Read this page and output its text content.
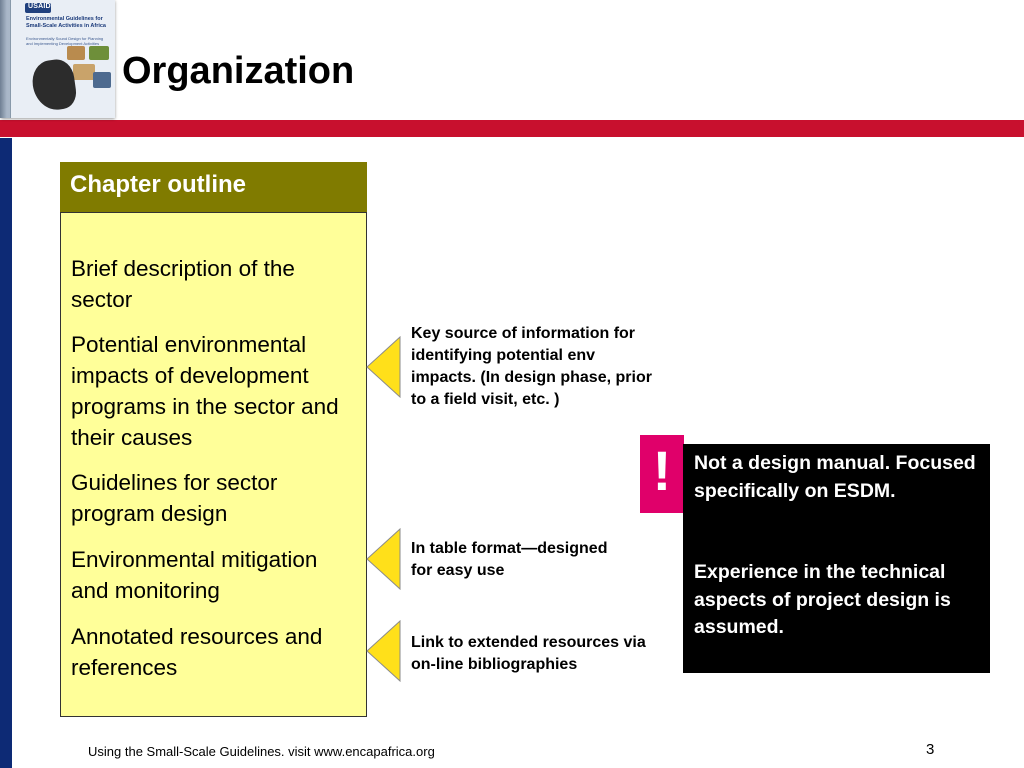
USAID
Environmental Guidelines for Small-Scale Activities in Africa
Environmentally Sound Design for Planning and Implementing Development Activities
Organization
Chapter outline
Brief description of the sector
Potential environmental impacts of development programs in the sector and their causes
Guidelines for sector program design
Environmental mitigation and monitoring
Annotated resources and references
Key source of information for identifying potential env impacts. (In design phase, prior to a field visit, etc. )
In table format—designed for easy use
Link to extended resources via on-line bibliographies
!	Not a design manual. Focused specifically on ESDM.
Experience in the technical aspects of project design is assumed.
Using the Small-Scale Guidelines. visit www.encapafrica.org	3
